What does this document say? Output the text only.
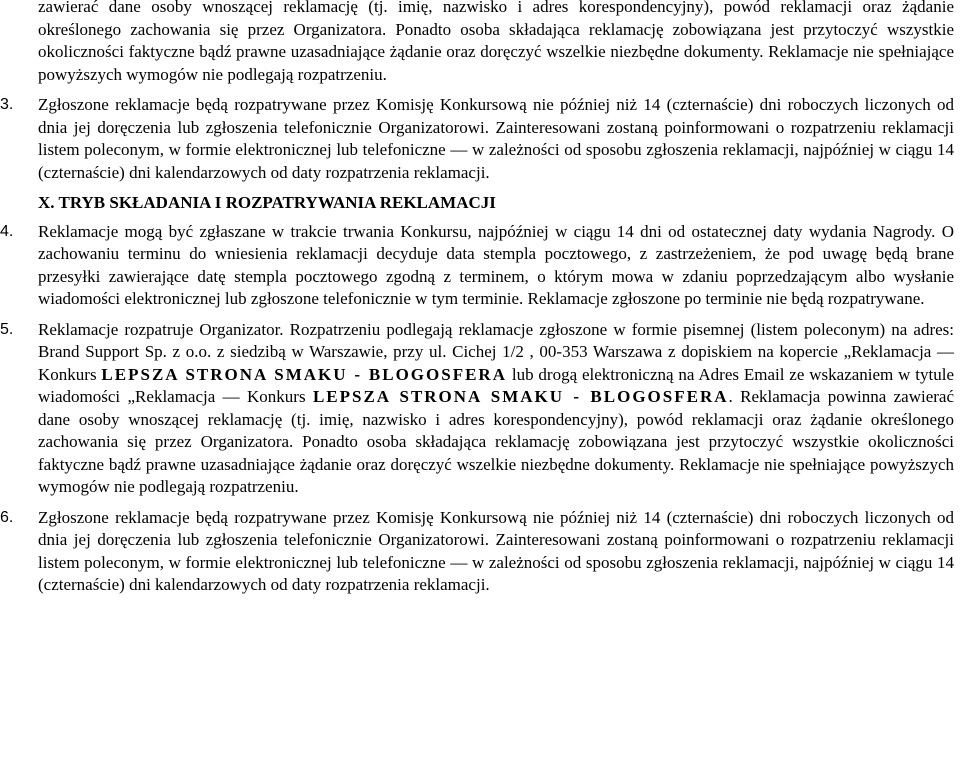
zawierać dane osoby wnoszącej reklamację (tj. imię, nazwisko i adres korespondencyjny), powód reklamacji oraz żądanie określonego zachowania się przez Organizatora. Ponadto osoba składająca reklamację zobowiązana jest przytoczyć wszystkie okoliczności faktyczne bądź prawne uzasadniające żądanie oraz doręczyć wszelkie niezbędne dokumenty. Reklamacje nie spełniające powyższych wymogów nie podlegają rozpatrzeniu.

3.	Zgłoszone reklamacje będą rozpatrywane przez Komisję Konkursową nie później niż 14 (czternaście) dni roboczych liczonych od dnia jej doręczenia lub zgłoszenia telefonicznie Organizatorowi. Zainteresowani zostaną poinformowani o rozpatrzeniu reklamacji listem poleconym, w formie elektronicznej lub telefoniczne — w zależności od sposobu zgłoszenia reklamacji, najpóźniej w ciągu 14 (czternaście) dni kalendarzowych od daty rozpatrzenia reklamacji.

X. TRYB SKŁADANIA I ROZPATRYWANIA REKLAMACJI
4.	Reklamacje mogą być zgłaszane w trakcie trwania Konkursu, najpóźniej w ciągu 14 dni od ostatecznej daty wydania Nagrody. O zachowaniu terminu do wniesienia reklamacji decyduje data stempla pocztowego, z zastrzeżeniem, że pod uwagę będą brane przesyłki zawierające datę stempla pocztowego zgodną z terminem, o którym mowa w zdaniu poprzedzającym albo wysłanie wiadomości elektronicznej lub zgłoszone telefonicznie w tym terminie. Reklamacje zgłoszone po terminie nie będą rozpatrywane.

5.	Reklamacje rozpatruje Organizator. Rozpatrzeniu podlegają reklamacje zgłoszone w formie pisemnej (listem poleconym) na adres: Brand Support Sp. z o.o. z siedzibą w Warszawie, przy ul. Cichej 1/2 , 00-353 Warszawa z dopiskiem na kopercie „Reklamacja — Konkurs LEPSZA STRONA SMAKU - BLOGOSFERA lub drogą elektroniczną na Adres Email ze wskazaniem w tytule wiadomości „Reklamacja — Konkurs LEPSZA STRONA SMAKU - BLOGOSFERA. Reklamacja powinna zawierać dane osoby wnoszącej reklamację (tj. imię, nazwisko i adres korespondencyjny), powód reklamacji oraz żądanie określonego zachowania się przez Organizatora. Ponadto osoba składająca reklamację zobowiązana jest przytoczyć wszystkie okoliczności faktyczne bądź prawne uzasadniające żądanie oraz doręczyć wszelkie niezbędne dokumenty. Reklamacje nie spełniające powyższych wymogów nie podlegają rozpatrzeniu.

6.	Zgłoszone reklamacje będą rozpatrywane przez Komisję Konkursową nie później niż 14 (czternaście) dni roboczych liczonych od dnia jej doręczenia lub zgłoszenia telefonicznie Organizatorowi. Zainteresowani zostaną poinformowani o rozpatrzeniu reklamacji listem poleconym, w formie elektronicznej lub telefoniczne — w zależności od sposobu zgłoszenia reklamacji, najpóźniej w ciągu 14 (czternaście) dni kalendarzowych od daty rozpatrzenia reklamacji.
